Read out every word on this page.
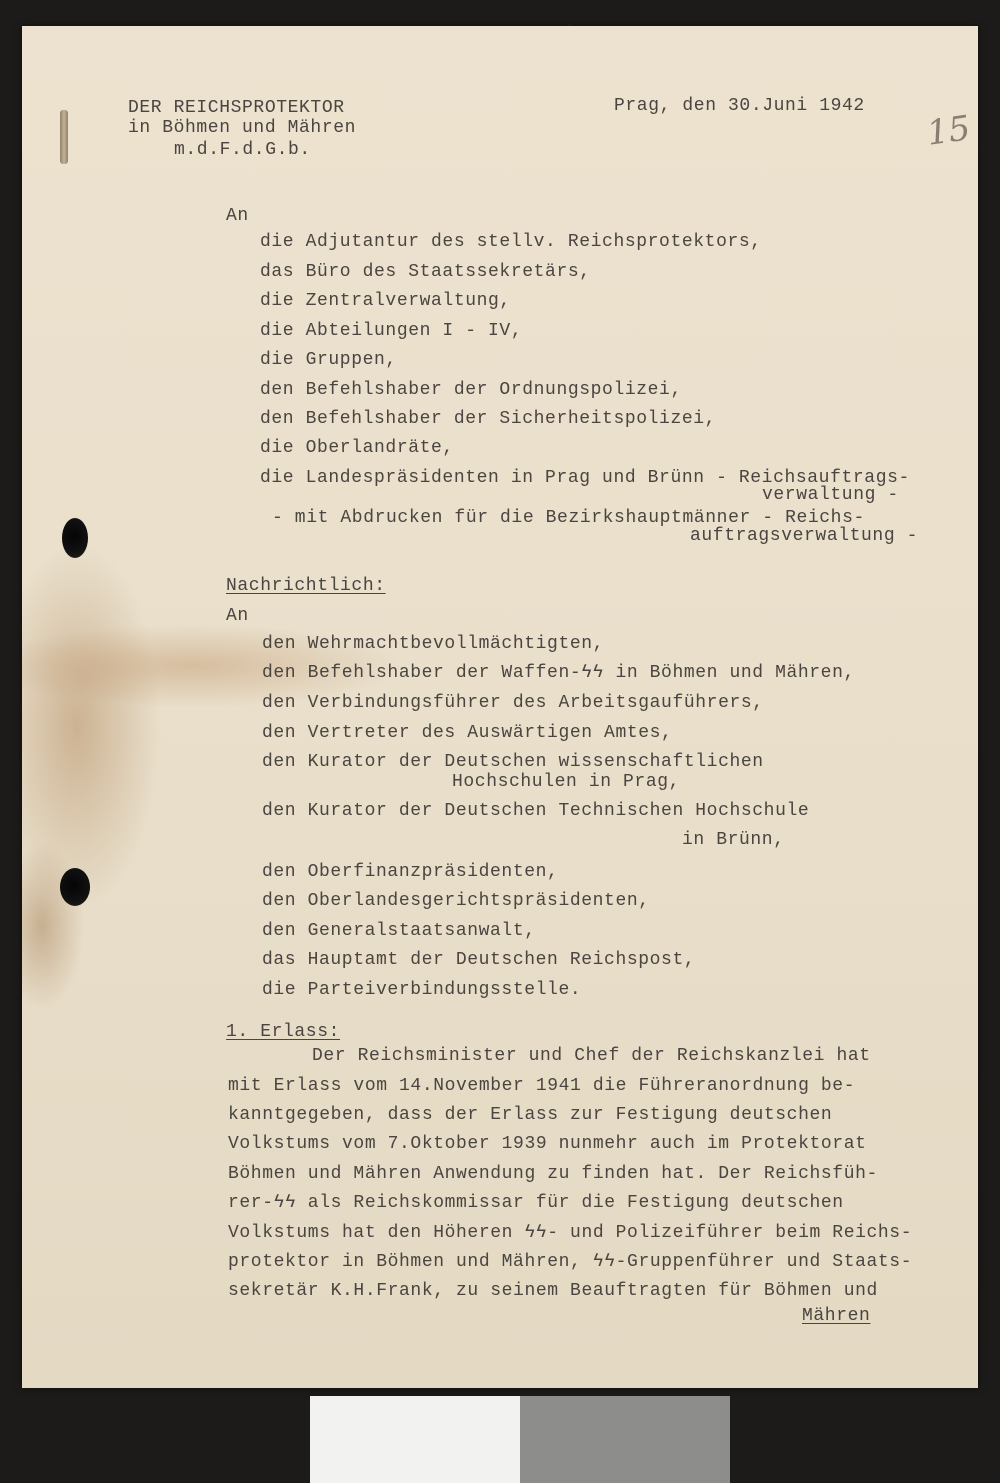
DER REICHSPROTEKTOR
in Böhmen und Mähren
m.d.F.d.G.b.
Prag, den 30.Juni 1942
15
An
die Adjutantur des stellv. Reichsprotektors,
das Büro des Staatssekretärs,
die Zentralverwaltung,
die Abteilungen I - IV,
die Gruppen,
den Befehlshaber der Ordnungspolizei,
den Befehlshaber der Sicherheitspolizei,
die Oberlandräte,
die Landespräsidenten in Prag und Brünn - Reichsauftrags-
verwaltung -
- mit Abdrucken für die Bezirkshauptmänner - Reichs-
auftragsverwaltung -
Nachrichtlich:
An
den Wehrmachtbevollmächtigten,
den Befehlshaber der Waffen-ϟϟ in Böhmen und Mähren,
den Verbindungsführer des Arbeitsgauführers,
den Vertreter des Auswärtigen Amtes,
den Kurator der Deutschen wissenschaftlichen
Hochschulen in Prag,
den Kurator der Deutschen Technischen Hochschule
in Brünn,
den Oberfinanzpräsidenten,
den Oberlandesgerichtspräsidenten,
den Generalstaatsanwalt,
das Hauptamt der Deutschen Reichspost,
die Parteiverbindungsstelle.
1. Erlass:
Der Reichsminister und Chef der Reichskanzlei hat
mit Erlass vom 14.November 1941 die Führeranordnung be-
kanntgegeben, dass der Erlass zur Festigung deutschen
Volkstums vom 7.Oktober 1939 nunmehr auch im Protektorat
Böhmen und Mähren Anwendung zu finden hat. Der Reichsfüh-
rer-ϟϟ als Reichskommissar für die Festigung deutschen
Volkstums hat den Höheren ϟϟ- und Polizeiführer beim Reichs-
protektor in Böhmen und Mähren, ϟϟ-Gruppenführer und Staats-
sekretär K.H.Frank, zu seinem Beauftragten für Böhmen und
Mähren
